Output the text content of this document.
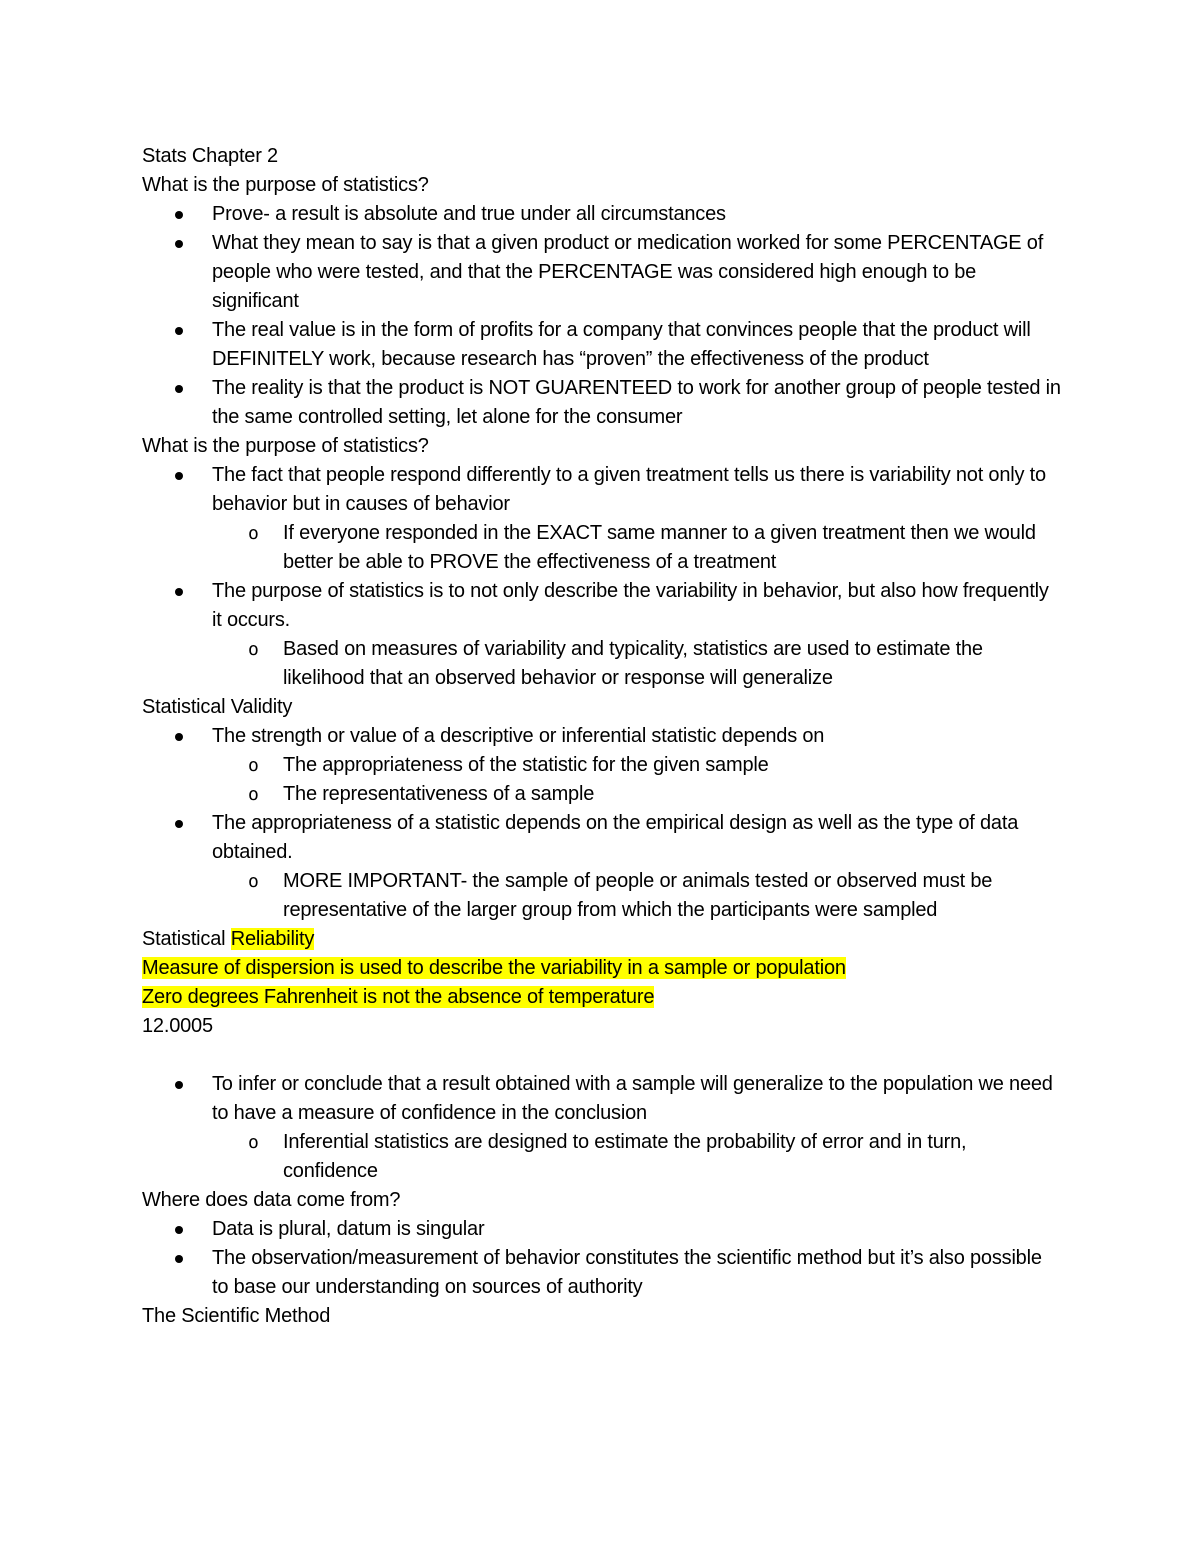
Stats Chapter 2

What is the purpose of statistics?

Prove- a result is absolute and true under all circumstances

What they mean to say is that a given product or medication worked for some PERCENTAGE of people who were tested, and that the PERCENTAGE was considered high enough to be significant

The real value is in the form of profits for a company that convinces people that the product will DEFINITELY work, because research has “proven” the effectiveness of the product

The reality is that the product is NOT GUARENTEED to work for another group of people tested in the same controlled setting, let alone for the consumer

What is the purpose of statistics?

The fact that people respond differently to a given treatment tells us there is variability not only to behavior but in causes of behavior

o If everyone responded in the EXACT same manner to a given treatment then we would better be able to PROVE the effectiveness of a treatment

The purpose of statistics is to not only describe the variability in behavior, but also how frequently it occurs.

o Based on measures of variability and typicality, statistics are used to estimate the likelihood that an observed behavior or response will generalize

Statistical Validity

The strength or value of a descriptive or inferential statistic depends on

o The appropriateness of the statistic for the given sample

o The representativeness of a sample

The appropriateness of a statistic depends on the empirical design as well as the type of data obtained.

o MORE IMPORTANT- the sample of people or animals tested or observed must be representative of the larger group from which the participants were sampled

Statistical Reliability

Measure of dispersion is used to describe the variability in a sample or population

Zero degrees Fahrenheit is not the absence of temperature

12.0005

To infer or conclude that a result obtained with a sample will generalize to the population we need to have a measure of confidence in the conclusion

o Inferential statistics are designed to estimate the probability of error and in turn, confidence

Where does data come from?

Data is plural, datum is singular

The observation/measurement of behavior constitutes the scientific method but it’s also possible to base our understanding on sources of authority

The Scientific Method
